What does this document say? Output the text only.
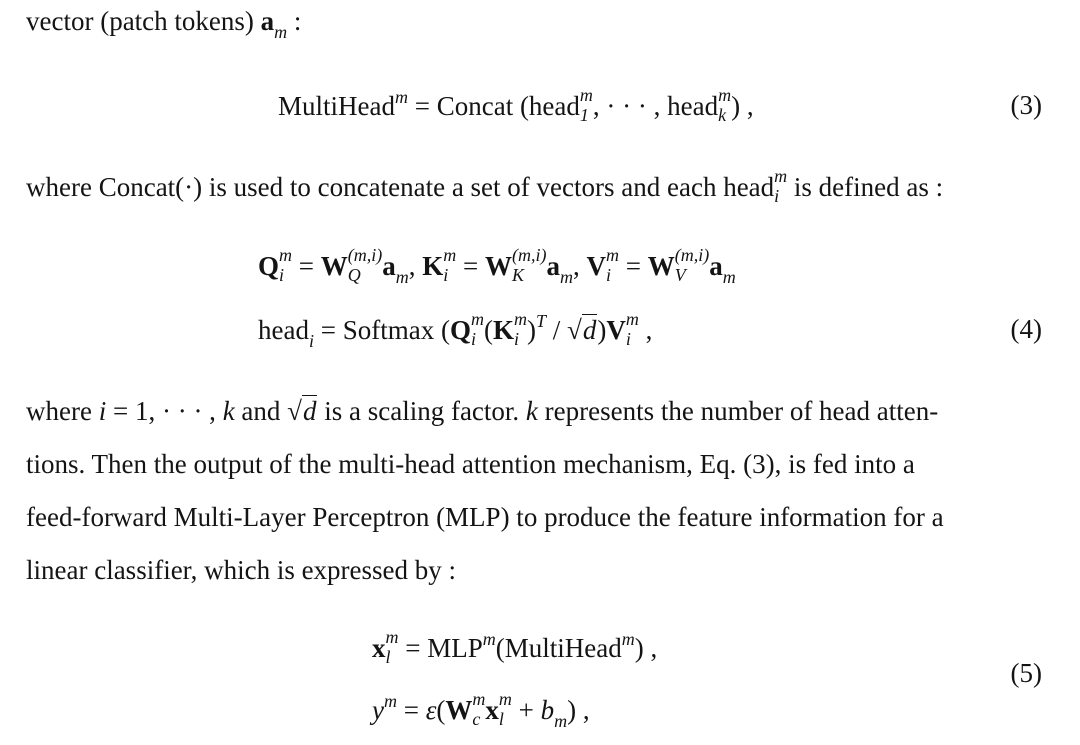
vector (patch tokens) $a_m$ :
MultiHead$^m$ = Concat (head m
1 , · · · , head m
k ) ,	(3)
where Concat(·) is used to concatenate a set of vectors and each head m
i is defined as :
Q m
i = W (m,i)
Q $a_m$, K m
i = W (m,i)
K $a_m$, V m
i = W (m,i)
V $a_m$
head$_i$ = Softmax (Q m
i (K m
i )$^T$ / √d)V m
i ,	(4)
where i = 1, · · · , k and √d is a scaling factor. k represents the number of head atten-
tions. Then the output of the multi-head attention mechanism, Eq. (3), is fed into a
feed-forward Multi-Layer Perceptron (MLP) to produce the feature information for a
linear classifier, which is expressed by :
x m
$l = MLP^m(MultiHead^m)$ ,
$y^m = \varepsilon(W$ m
c x m
$l + b_m$) ,
(5)
